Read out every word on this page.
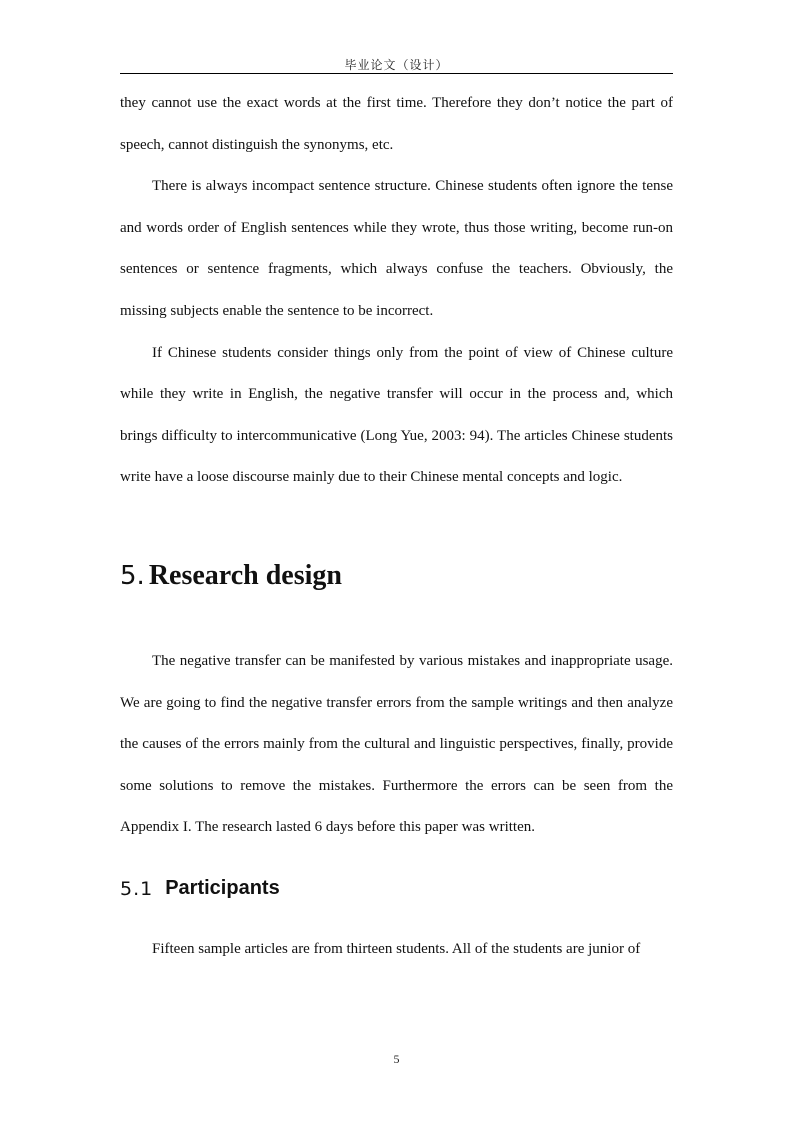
毕业论文（设计）

they cannot use the exact words at the first time. Therefore they don’t notice the part of speech, cannot distinguish the synonyms, etc.

There is always incompact sentence structure. Chinese students often ignore the tense and words order of English sentences while they wrote, thus those writing, become run-on sentences or sentence fragments, which always confuse the teachers. Obviously, the missing subjects enable the sentence to be incorrect.

If Chinese students consider things only from the point of view of Chinese culture while they write in English, the negative transfer will occur in the process and, which brings difficulty to intercommunicative (Long Yue, 2003: 94). The articles Chinese students write have a loose discourse mainly due to their Chinese mental concepts and logic.

5. Research design

The negative transfer can be manifested by various mistakes and inappropriate usage. We are going to find the negative transfer errors from the sample writings and then analyze the causes of the errors mainly from the cultural and linguistic perspectives, finally, provide some solutions to remove the mistakes. Furthermore the errors can be seen from the Appendix I. The research lasted 6 days before this paper was written.

5.1 Participants

Fifteen sample articles are from thirteen students. All of the students are junior of

5
